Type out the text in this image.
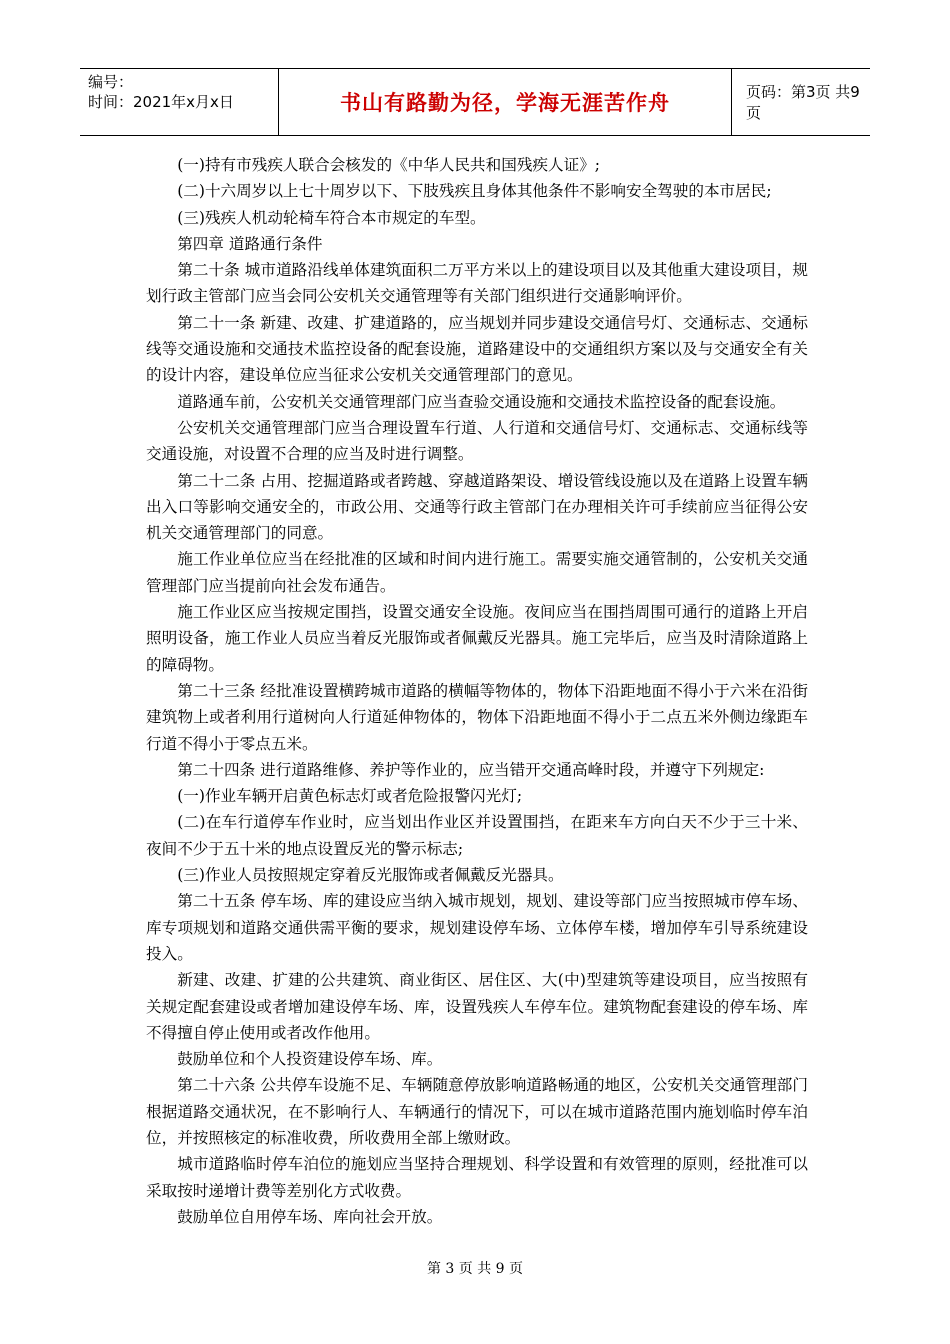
编号：
时间：2021年x月x日	书山有路勤为径，学海无涯苦作舟	页码：第3页 共9页

(一)持有市残疾人联合会核发的《中华人民共和国残疾人证》;

(二)十六周岁以上七十周岁以下、下肢残疾且身体其他条件不影响安全驾驶的本市居民;

(三)残疾人机动轮椅车符合本市规定的车型。

第四章 道路通行条件

第二十条 城市道路沿线单体建筑面积二万平方米以上的建设项目以及其他重大建设项目，规划行政主管部门应当会同公安机关交通管理等有关部门组织进行交通影响评价。

第二十一条 新建、改建、扩建道路的，应当规划并同步建设交通信号灯、交通标志、交通标线等交通设施和交通技术监控设备的配套设施，道路建设中的交通组织方案以及与交通安全有关的设计内容，建设单位应当征求公安机关交通管理部门的意见。

道路通车前，公安机关交通管理部门应当查验交通设施和交通技术监控设备的配套设施。

公安机关交通管理部门应当合理设置车行道、人行道和交通信号灯、交通标志、交通标线等交通设施，对设置不合理的应当及时进行调整。

第二十二条 占用、挖掘道路或者跨越、穿越道路架设、增设管线设施以及在道路上设置车辆出入口等影响交通安全的，市政公用、交通等行政主管部门在办理相关许可手续前应当征得公安机关交通管理部门的同意。

施工作业单位应当在经批准的区域和时间内进行施工。需要实施交通管制的，公安机关交通管理部门应当提前向社会发布通告。

施工作业区应当按规定围挡，设置交通安全设施。夜间应当在围挡周围可通行的道路上开启照明设备，施工作业人员应当着反光服饰或者佩戴反光器具。施工完毕后，应当及时清除道路上的障碍物。

第二十三条 经批准设置横跨城市道路的横幅等物体的，物体下沿距地面不得小于六米在沿街建筑物上或者利用行道树向人行道延伸物体的，物体下沿距地面不得小于二点五米外侧边缘距车行道不得小于零点五米。

第二十四条 进行道路维修、养护等作业的，应当错开交通高峰时段，并遵守下列规定:

(一)作业车辆开启黄色标志灯或者危险报警闪光灯;

(二)在车行道停车作业时，应当划出作业区并设置围挡，在距来车方向白天不少于三十米、夜间不少于五十米的地点设置反光的警示标志;

(三)作业人员按照规定穿着反光服饰或者佩戴反光器具。

第二十五条 停车场、库的建设应当纳入城市规划，规划、建设等部门应当按照城市停车场、库专项规划和道路交通供需平衡的要求，规划建设停车场、立体停车楼，增加停车引导系统建设投入。

新建、改建、扩建的公共建筑、商业街区、居住区、大(中)型建筑等建设项目，应当按照有关规定配套建设或者增加建设停车场、库，设置残疾人车停车位。建筑物配套建设的停车场、库不得擅自停止使用或者改作他用。

鼓励单位和个人投资建设停车场、库。

第二十六条 公共停车设施不足、车辆随意停放影响道路畅通的地区，公安机关交通管理部门根据道路交通状况，在不影响行人、车辆通行的情况下，可以在城市道路范围内施划临时停车泊位，并按照核定的标准收费，所收费用全部上缴财政。

城市道路临时停车泊位的施划应当坚持合理规划、科学设置和有效管理的原则，经批准可以采取按时递增计费等差别化方式收费。

鼓励单位自用停车场、库向社会开放。

第 3 页 共 9 页
